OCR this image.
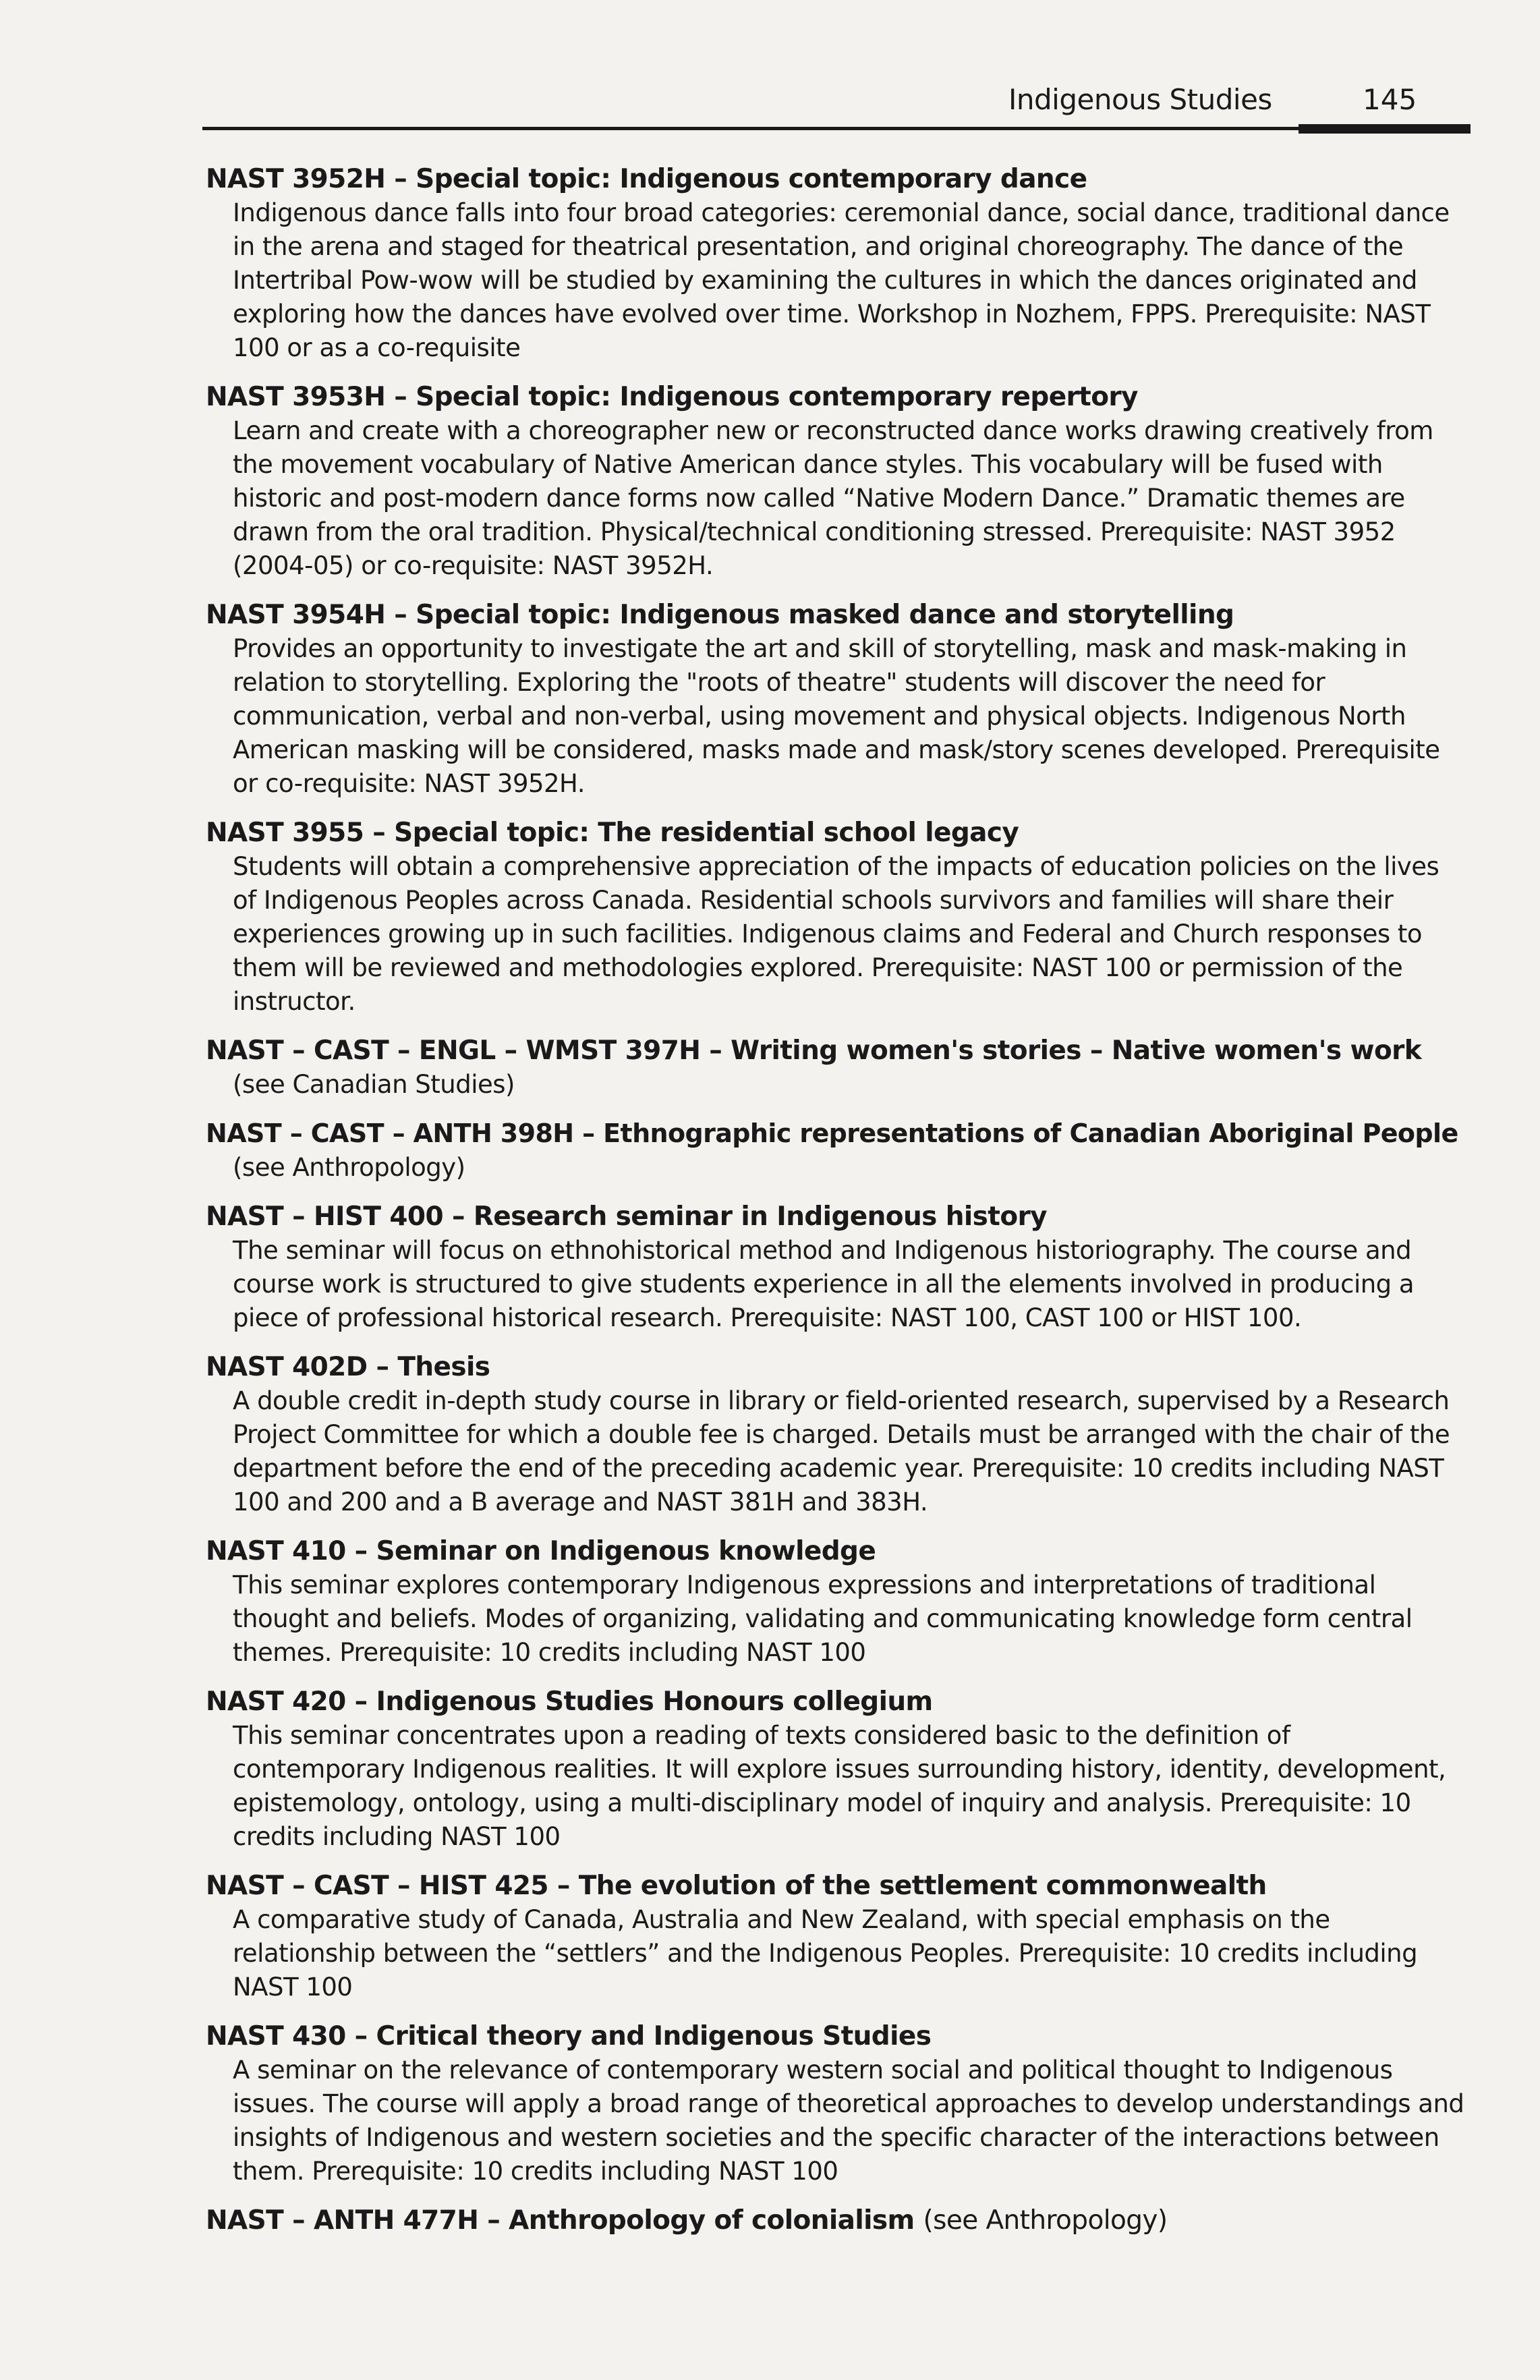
Indigenous Studies	145
NAST 3952H – Special topic: Indigenous contemporary dance
Indigenous dance falls into four broad categories: ceremonial dance, social dance, traditional dance in the arena and staged for theatrical presentation, and original choreography. The dance of the Intertribal Pow-wow will be studied by examining the cultures in which the dances originated and exploring how the dances have evolved over time. Workshop in Nozhem, FPPS. Prerequisite: NAST 100 or as a co-requisite
NAST 3953H – Special topic: Indigenous contemporary repertory
Learn and create with a choreographer new or reconstructed dance works drawing creatively from the movement vocabulary of Native American dance styles. This vocabulary will be fused with historic and post-modern dance forms now called “Native Modern Dance.” Dramatic themes are drawn from the oral tradition. Physical/technical conditioning stressed. Prerequisite: NAST 3952 (2004-05) or co-requisite: NAST 3952H.
NAST 3954H – Special topic: Indigenous masked dance and storytelling
Provides an opportunity to investigate the art and skill of storytelling, mask and mask-making in relation to storytelling. Exploring the "roots of theatre" students will discover the need for communication, verbal and non-verbal, using movement and physical objects. Indigenous North American masking will be considered, masks made and mask/story scenes developed. Prerequisite or co-requisite: NAST 3952H.
NAST 3955 – Special topic: The residential school legacy
Students will obtain a comprehensive appreciation of the impacts of education policies on the lives of Indigenous Peoples across Canada. Residential schools survivors and families will share their experiences growing up in such facilities. Indigenous claims and Federal and Church responses to them will be reviewed and methodologies explored. Prerequisite: NAST 100 or permission of the instructor.
NAST – CAST – ENGL – WMST 397H – Writing women's stories – Native women's work
(see Canadian Studies)
NAST – CAST – ANTH 398H – Ethnographic representations of Canadian Aboriginal People
(see Anthropology)
NAST – HIST 400 – Research seminar in Indigenous history
The seminar will focus on ethnohistorical method and Indigenous historiography. The course and course work is structured to give students experience in all the elements involved in producing a piece of professional historical research. Prerequisite: NAST 100, CAST 100 or HIST 100.
NAST 402D – Thesis
A double credit in-depth study course in library or field-oriented research, supervised by a Research Project Committee for which a double fee is charged. Details must be arranged with the chair of the department before the end of the preceding academic year. Prerequisite: 10 credits including NAST 100 and 200 and a B average and NAST 381H and 383H.
NAST 410 – Seminar on Indigenous knowledge
This seminar explores contemporary Indigenous expressions and interpretations of traditional thought and beliefs. Modes of organizing, validating and communicating knowledge form central themes. Prerequisite: 10 credits including NAST 100
NAST 420 – Indigenous Studies Honours collegium
This seminar concentrates upon a reading of texts considered basic to the definition of contemporary Indigenous realities. It will explore issues surrounding history, identity, development, epistemology, ontology, using a multi-disciplinary model of inquiry and analysis. Prerequisite: 10 credits including NAST 100
NAST – CAST – HIST 425 – The evolution of the settlement commonwealth
A comparative study of Canada, Australia and New Zealand, with special emphasis on the relationship between the “settlers” and the Indigenous Peoples. Prerequisite: 10 credits including NAST 100
NAST 430 – Critical theory and Indigenous Studies
A seminar on the relevance of contemporary western social and political thought to Indigenous issues. The course will apply a broad range of theoretical approaches to develop understandings and insights of Indigenous and western societies and the specific character of the interactions between them. Prerequisite: 10 credits including NAST 100
NAST – ANTH 477H – Anthropology of colonialism (see Anthropology)
